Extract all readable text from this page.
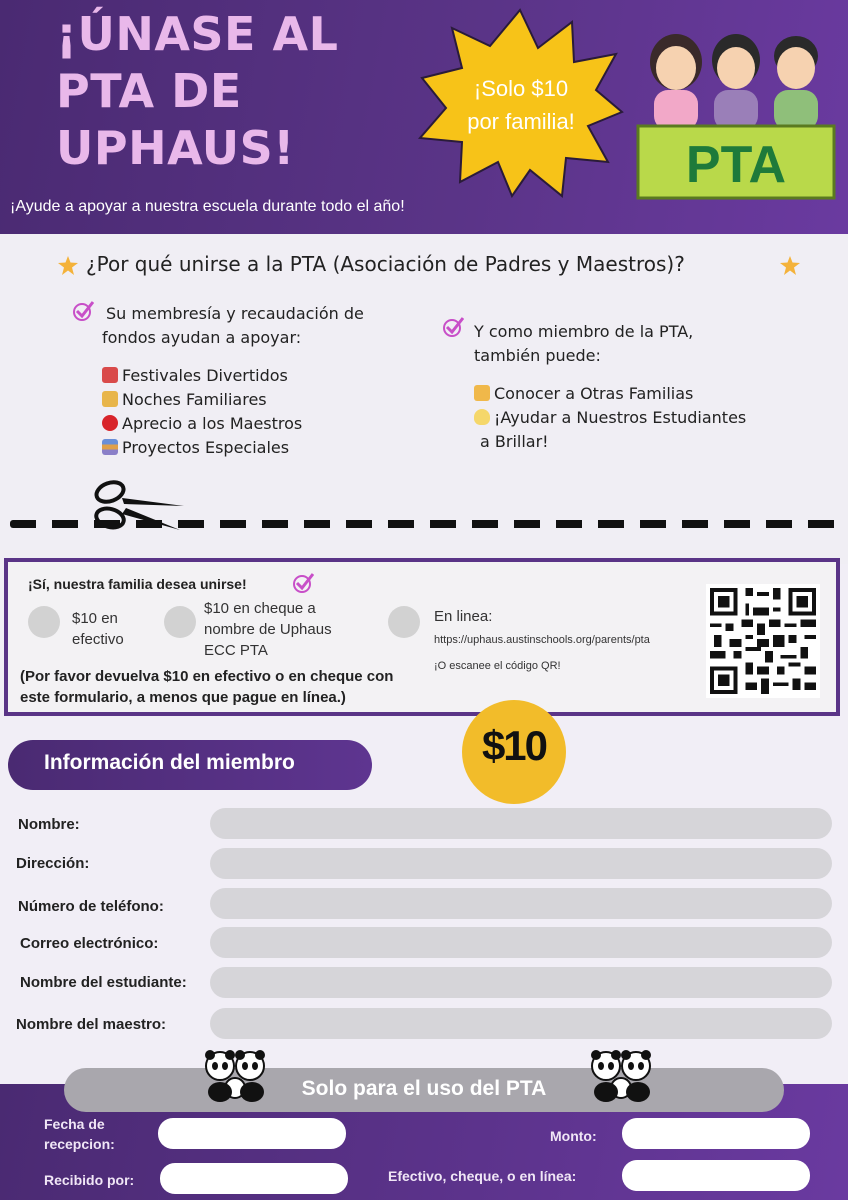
¡ÚNASE AL
PTA DE
UPHAUS!
¡Ayude a apoyar a nuestra escuela durante todo el año!
¡Solo $10
por familia!
PTA
¿Por qué unirse a la PTA (Asociación de Padres y Maestros)?
Su membresía y recaudación de
fondos ayudan a apoyar:
Festivales Divertidos
Noches Familiares
Aprecio a los Maestros
Proyectos Especiales
Y como miembro de la PTA,
también puede:
Conocer a Otras Familias
¡Ayudar a Nuestros Estudiantes
a Brillar!
¡Sí, nuestra familia desea unirse!
$10 en
efectivo
$10 en cheque a
nombre de Uphaus
ECC PTA
En linea:
https://uphaus.austinschools.org/parents/pta
¡O escanee el código QR!
(Por favor devuelva $10 en efectivo o en cheque con
este formulario, a menos que pague en línea.)
Información del miembro	$10
Nombre:
Dirección:
Número de teléfono:
Correo electrónico:
Nombre del estudiante:
Nombre del maestro:
Solo para el uso del PTA
Fecha de
recepcion:
Recibido por:
Monto:
Efectivo, cheque, o en línea:
